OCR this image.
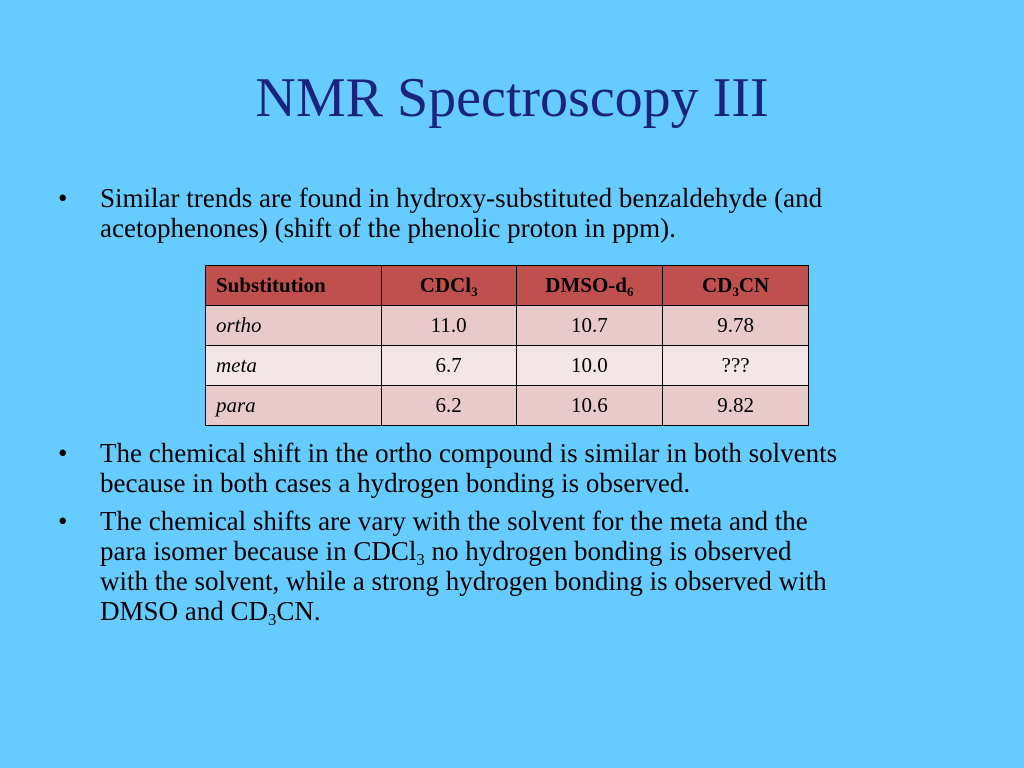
NMR Spectroscopy III
•	Similar trends are found in hydroxy-substituted benzaldehyde (and
acetophenones) (shift of the phenolic proton in ppm).
Substitution	CDCl$_3$	DMSO-$d_6$	$CD_3CN$
ortho	11.0	10.7	9.78
meta	6.7	10.0	???
para	6.2	10.6	9.82
•	The chemical shift in the ortho compound is similar in both solvents
because in both cases a hydrogen bonding is observed.
•	The chemical shifts are vary with the solvent for the meta and the
para isomer because in CDCl$_3$ no hydrogen bonding is observed
with the solvent, while a strong hydrogen bonding is observed with
DMSO and $CD_3CN$.
